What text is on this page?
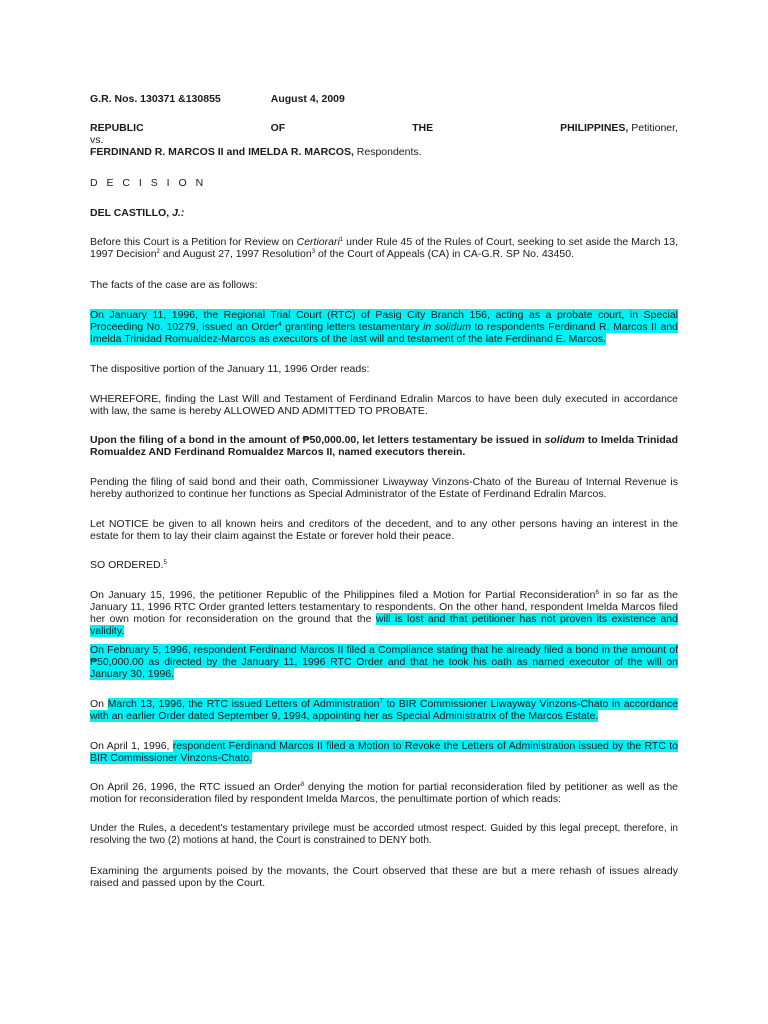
G.R. Nos. 130371 &130855	August 4, 2009

REPUBLIC	OF	THE	PHILIPPINES, Petitioner,
vs.
FERDINAND R. MARCOS II and IMELDA R. MARCOS, Respondents.

D E C I S I O N

DEL CASTILLO, J.:

Before this Court is a Petition for Review on Certiorari$^1$ under Rule 45 of the Rules of Court, seeking to set aside the March 13, 1997 Decision$^2$ and August 27, 1997 Resolution$^3$ of the Court of Appeals (CA) in CA-G.R. SP No. 43450.

The facts of the case are as follows:

On January 11, 1996, the Regional Trial Court (RTC) of Pasig City Branch 156, acting as a probate court, in Special Proceeding No. 10279, issued an Order$^4$ granting letters testamentary in solidum to respondents Ferdinand R. Marcos II and Imelda Trinidad Romualdez-Marcos as executors of the last will and testament of the late Ferdinand E. Marcos.

The dispositive portion of the January 11, 1996 Order reads:

WHEREFORE, finding the Last Will and Testament of Ferdinand Edralin Marcos to have been duly executed in accordance with law, the same is hereby ALLOWED AND ADMITTED TO PROBATE.

Upon the filing of a bond in the amount of ₱50,000.00, let letters testamentary be issued in solidum to Imelda Trinidad Romualdez AND Ferdinand Romualdez Marcos II, named executors therein.

Pending the filing of said bond and their oath, Commissioner Liwayway Vinzons-Chato of the Bureau of Internal Revenue is hereby authorized to continue her functions as Special Administrator of the Estate of Ferdinand Edralin Marcos.

Let NOTICE be given to all known heirs and creditors of the decedent, and to any other persons having an interest in the estate for them to lay their claim against the Estate or forever hold their peace.

SO ORDERED.$^5$

On January 15, 1996, the petitioner Republic of the Philippines filed a Motion for Partial Reconsideration$^6$ in so far as the January 11, 1996 RTC Order granted letters testamentary to respondents. On the other hand, respondent Imelda Marcos filed her own motion for reconsideration on the ground that the will is lost and that petitioner has not proven its existence and validity.

On February 5, 1996, respondent Ferdinand Marcos II filed a Compliance stating that he already filed a bond in the amount of ₱50,000.00 as directed by the January 11, 1996 RTC Order and that he took his oath as named executor of the will on January 30, 1996.

On March 13, 1996, the RTC issued Letters of Administration$^7$ to BIR Commissioner Liwayway Vinzons-Chato in accordance with an earlier Order dated September 9, 1994, appointing her as Special Administratrix of the Marcos Estate.

On April 1, 1996, respondent Ferdinand Marcos II filed a Motion to Revoke the Letters of Administration issued by the RTC to BIR Commissioner Vinzons-Chato.

On April 26, 1996, the RTC issued an Order$^8$ denying the motion for partial reconsideration filed by petitioner as well as the motion for reconsideration filed by respondent Imelda Marcos, the penultimate portion of which reads:

Under the Rules, a decedent's testamentary privilege must be accorded utmost respect. Guided by this legal precept, therefore, in resolving the two (2) motions at hand, the Court is constrained to DENY both.

Examining the arguments poised by the movants, the Court observed that these are but a mere rehash of issues already raised and passed upon by the Court.
